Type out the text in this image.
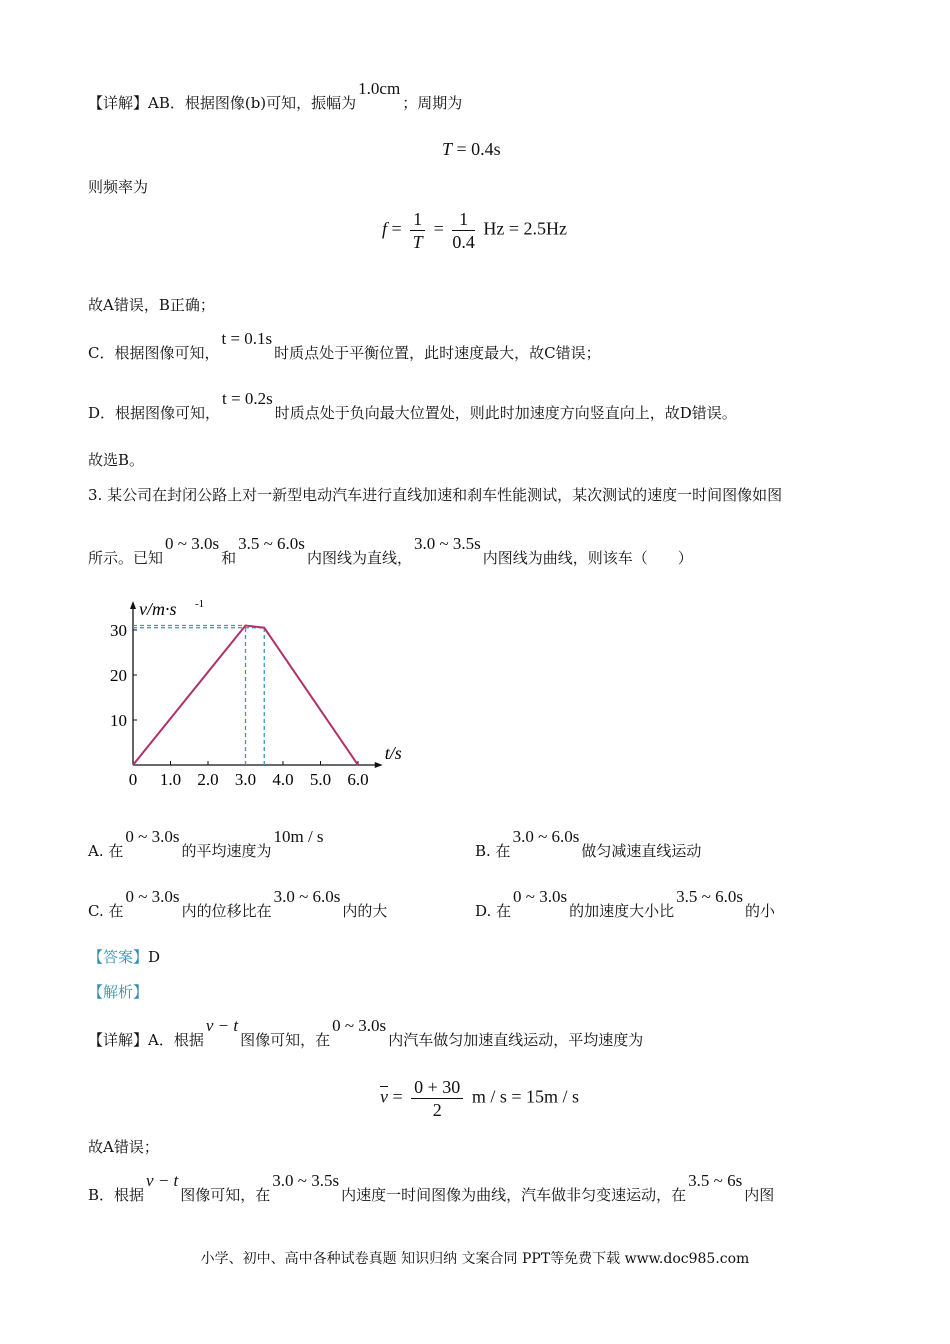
【详解】AB．根据图像(b)可知，振幅为1.0cm；周期为
T = 0.4s
则频率为
$f = \frac{1}{T} = \frac{1}{0.4}$ Hz = 2.5Hz
故A错误，B正确；
C．根据图像可知，t = 0.1s时质点处于平衡位置，此时速度最大，故C错误；
D．根据图像可知，t = 0.2s时质点处于负向最大位置处，则此时加速度方向竖直向上，故D错误。
故选B。
3. 某公司在封闭公路上对一新型电动汽车进行直线加速和刹车性能测试，某次测试的速度一时间图像如图
所示。已知0 ~ 3.0s和3.5 ~ 6.0s内图线为直线，3.0 ~ 3.5s内图线为曲线，则该车（　　）
10
20
30
0 1.0 2.0 3.0 4.0 5.0 6.0
v/m·s -1
t/s
A. 在0 ~ 3.0s的平均速度为10m / s
B. 在3.0 ~ 6.0s做匀减速直线运动
C. 在0 ~ 3.0s内的位移比在3.0 ~ 6.0s内的大	D. 在0 ~ 3.0s的加速度大小比3.5 ~ 6.0s的小
【答案】D
【解析】
【详解】A．根据v − t图像可知，在0 ~ 3.0s内汽车做匀加速直线运动，平均速度为
$\overline{v} = \frac{0 + 30}{2}$ m / s = 15m / s
故A错误；
B．根据v − t图像可知，在3.0 ~ 3.5s内速度一时间图像为曲线，汽车做非匀变速运动，在3.5 ~ 6s内图
小学、初中、高中各种试卷真题 知识归纳 文案合同 PPT等免费下载 www.doc985.com
